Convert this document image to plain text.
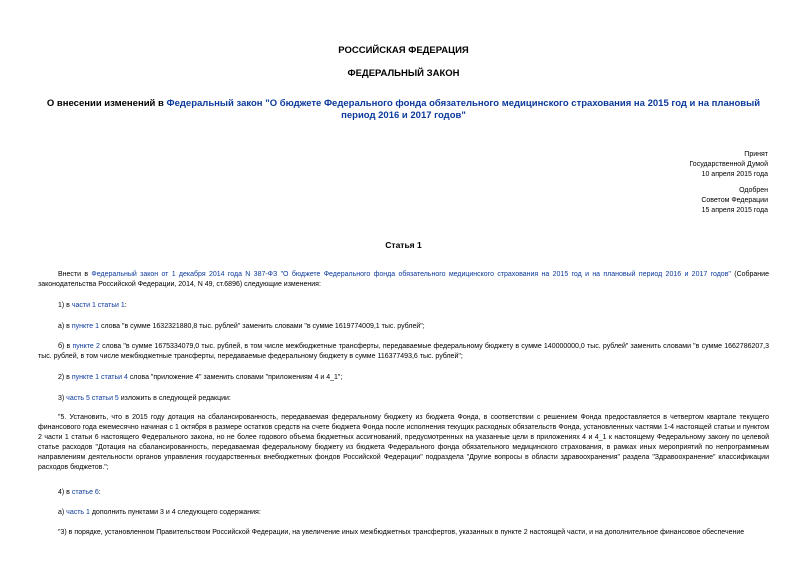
РОССИЙСКАЯ ФЕДЕРАЦИЯ
ФЕДЕРАЛЬНЫЙ ЗАКОН
О внесении изменений в Федеральный закон "О бюджете Федерального фонда обязательного медицинского страхования на 2015 год и на плановый период 2016 и 2017 годов"
Принят
Государственной Думой
10 апреля 2015 года
Одобрен
Советом Федерации
15 апреля 2015 года
Статья 1
Внести в Федеральный закон от 1 декабря 2014 года N 387-ФЗ "О бюджете Федерального фонда обязательного медицинского страхования на 2015 год и на плановый период 2016 и 2017 годов" (Собрание законодательства Российской Федерации, 2014, N 49, ст.6896) следующие изменения:
1) в части 1 статьи 1:
а) в пункте 1 слова "в сумме 1632321880,8 тыс. рублей" заменить словами "в сумме 1619774009,1 тыс. рублей";
б) в пункте 2 слова "в сумме 1675334079,0 тыс. рублей, в том числе межбюджетные трансферты, передаваемые федеральному бюджету в сумме 140000000,0 тыс. рублей" заменить словами "в сумме 1662786207,3 тыс. рублей, в том числе межбюджетные трансферты, передаваемые федеральному бюджету в сумме 116377493,6 тыс. рублей";
2) в пункте 1 статьи 4 слова "приложение 4" заменить словами "приложениям 4 и 4_1";
3) часть 5 статьи 5 изложить в следующей редакции:
"5. Установить, что в 2015 году дотация на сбалансированность, передаваемая федеральному бюджету из бюджета Фонда, в соответствии с решением Фонда предоставляется в четвертом квартале текущего финансового года ежемесячно начиная с 1 октября в размере остатков средств на счете бюджета Фонда после исполнения текущих расходных обязательств Фонда, установленных частями 1-4 настоящей статьи и пунктом 2 части 1 статьи 6 настоящего Федерального закона, но не более годового объема бюджетных ассигнований, предусмотренных на указанные цели в приложениях 4 и 4_1 к настоящему Федеральному закону по целевой статье расходов "Дотация на сбалансированность, передаваемая федеральному бюджету из бюджета Федерального фонда обязательного медицинского страхования, в рамках иных мероприятий по непрограммным направлениям деятельности органов управления государственных внебюджетных фондов Российской Федерации" подраздела "Другие вопросы в области здравоохранения" раздела "Здравоохранение" классификации расходов бюджетов.";
4) в статье 6:
а) часть 1 дополнить пунктами 3 и 4 следующего содержания:
"3) в порядке, установленном Правительством Российской Федерации, на увеличение иных межбюджетных трансфертов, указанных в пункте 2 настоящей части, и на дополнительное финансовое обеспечение
